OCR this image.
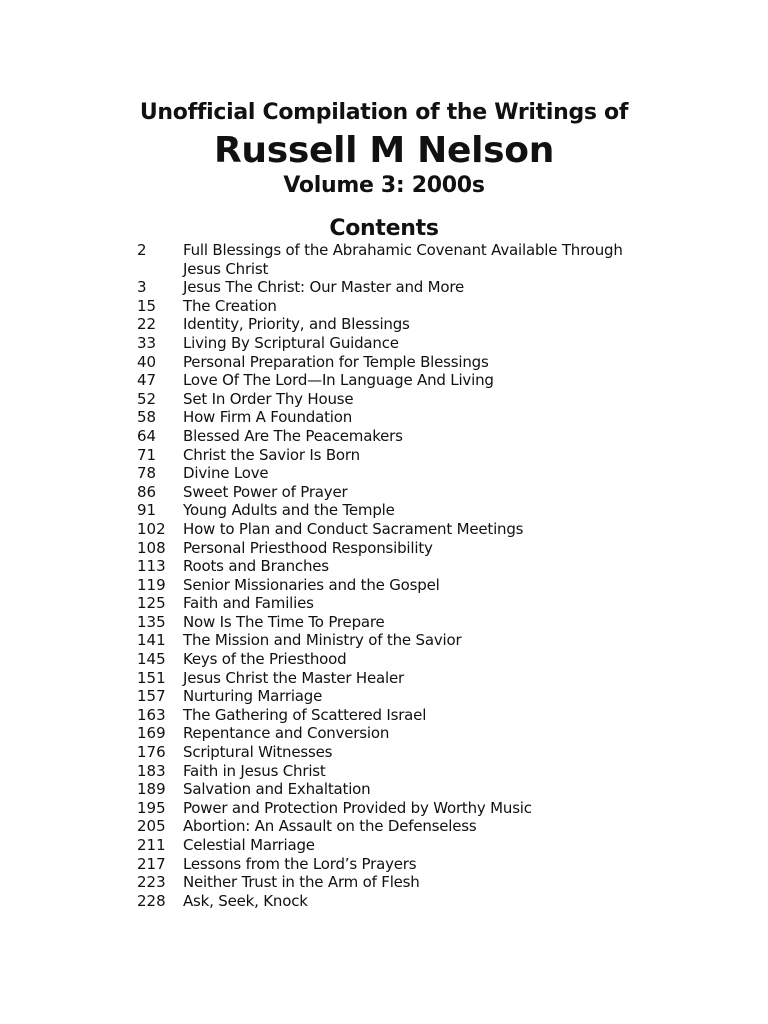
Unofficial Compilation of the Writings of
Russell M Nelson
Volume 3: 2000s
Contents
2	Full Blessings of the Abrahamic Covenant Available Through Jesus Christ
3	Jesus The Christ: Our Master and More
15	The Creation
22	Identity, Priority, and Blessings
33	Living By Scriptural Guidance
40	Personal Preparation for Temple Blessings
47	Love Of The Lord—In Language And Living
52	Set In Order Thy House
58	How Firm A Foundation
64	Blessed Are The Peacemakers
71	Christ the Savior Is Born
78	Divine Love
86	Sweet Power of Prayer
91	Young Adults and the Temple
102	How to Plan and Conduct Sacrament Meetings
108	Personal Priesthood Responsibility
113	Roots and Branches
119	Senior Missionaries and the Gospel
125	Faith and Families
135	Now Is The Time To Prepare
141	The Mission and Ministry of the Savior
145	Keys of the Priesthood
151	Jesus Christ the Master Healer
157	Nurturing Marriage
163	The Gathering of Scattered Israel
169	Repentance and Conversion
176	Scriptural Witnesses
183	Faith in Jesus Christ
189	Salvation and Exhaltation
195	Power and Protection Provided by Worthy Music
205	Abortion: An Assault on the Defenseless
211	Celestial Marriage
217	Lessons from the Lord’s Prayers
223	Neither Trust in the Arm of Flesh
228	Ask, Seek, Knock
